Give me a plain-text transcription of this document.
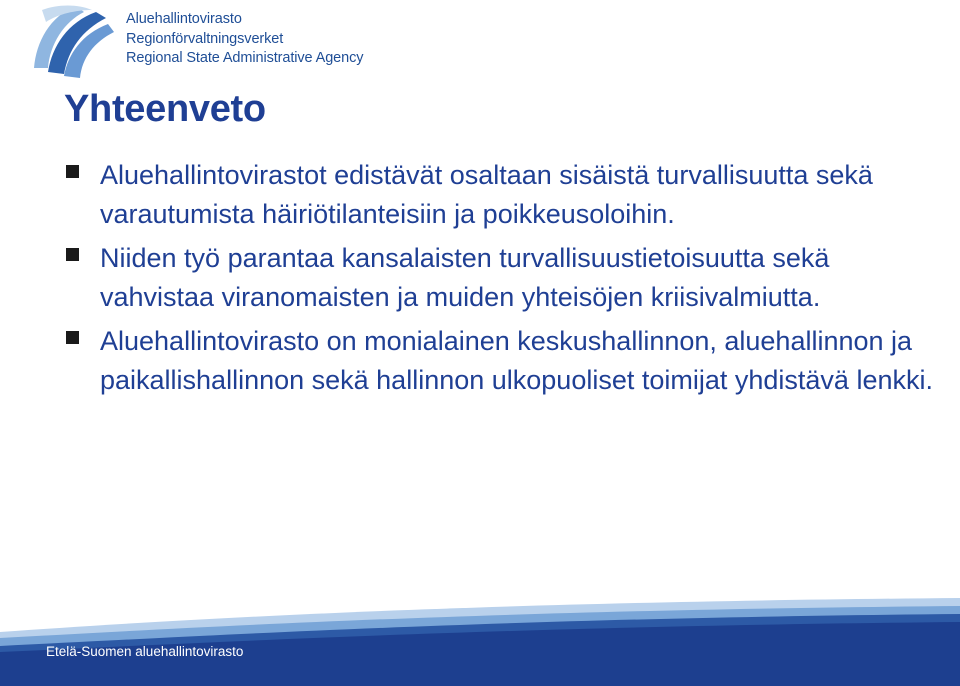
Aluehallintovirasto
Regionförvaltningsverket
Regional State Administrative Agency
Yhteenveto
Aluehallintovirastot edistävät osaltaan sisäistä turvallisuutta sekä varautumista häiriötilanteisiin ja poikkeusoloihin.
Niiden työ parantaa kansalaisten turvallisuustietoisuutta sekä vahvistaa viranomaisten ja muiden yhteisöjen kriisivalmiutta.
Aluehallintovirasto on monialainen keskushallinnon, aluehallinnon ja paikallishallinnon sekä hallinnon ulkopuoliset toimijat yhdistävä lenkki.
Etelä-Suomen aluehallintovirasto
